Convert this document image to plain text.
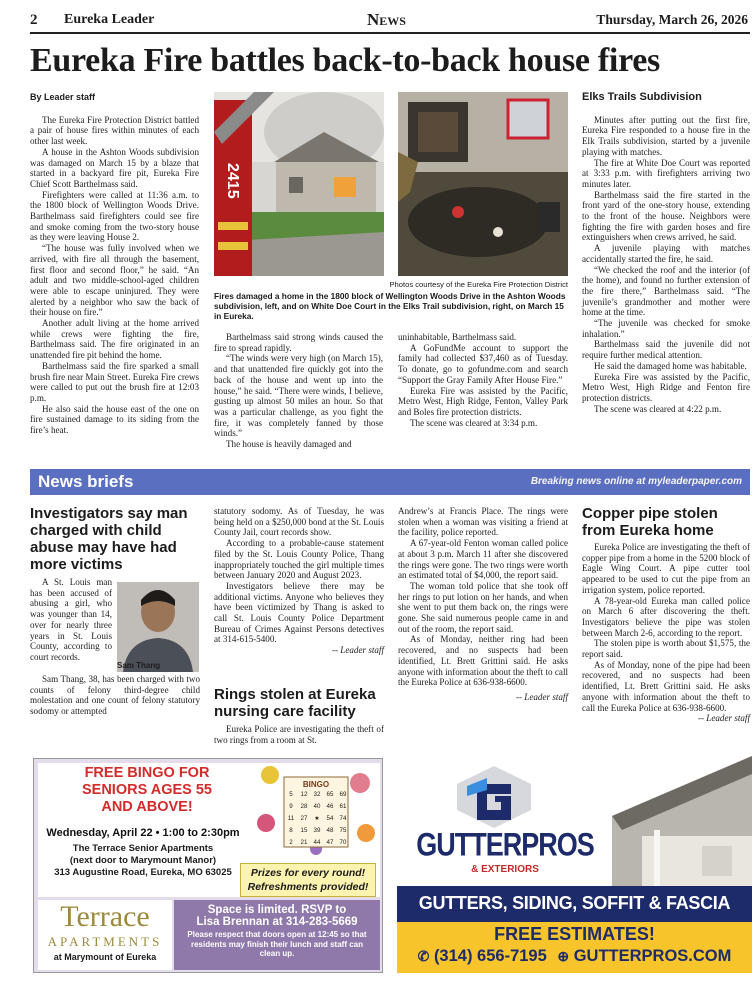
2 Eureka Leader	News	Thursday, March 26, 2026
Eureka Fire battles back-to-back house fires
By Leader staff

The Eureka Fire Protection District battled a pair of house fires within minutes of each other last week.

A house in the Ashton Woods subdivision was damaged on March 15 by a blaze that started in a backyard fire pit, Eureka Fire Chief Scott Barthelmass said.

Firefighters were called at 11:36 a.m. to the 1800 block of Wellington Woods Drive. Barthelmass said firefighters could see fire and smoke coming from the two-story house as they were leaving House 2.

“The house was fully involved when we arrived, with fire all through the basement, first floor and second floor,” he said. “An adult and two middle-school-aged children were able to escape uninjured. They were alerted by a neighbor who saw the back of their house on fire.”

Another adult living at the home arrived while crews were fighting the fire, Barthelmass said. The fire originated in an unattended fire pit behind the home.

Barthelmass said the fire sparked a small brush fire near Main Street. Eureka Fire crews were called to put out the brush fire at 12:03 p.m.

He also said the house east of the one on fire sustained damage to its siding from the fire’s heat.

2415
Photos courtesy of the Eureka Fire Protection District
Fires damaged a home in the 1800 block of Wellington Woods Drive in the Ashton Woods subdivision, left, and on White Doe Court in the Elks Trail subdivision, right, on March 15 in Eureka.

Barthelmass said strong winds caused the fire to spread rapidly.

“The winds were very high (on March 15), and that unattended fire quickly got into the back of the house and went up into the house,” he said. “There were winds, I believe, gusting up almost 50 miles an hour. So that was a particular challenge, as you fight the fire, it was completely fanned by those winds.”

The house is heavily damaged and

uninhabitable, Barthelmass said.

A GoFundMe account to support the family had collected $37,460 as of Tuesday. To donate, go to gofundme.com and search “Support the Gray Family After House Fire.”

Eureka Fire was assisted by the Pacific, Metro West, High Ridge, Fenton, Valley Park and Boles fire protection districts.

The scene was cleared at 3:34 p.m.

Elks Trails Subdivision

Minutes after putting out the first fire, Eureka Fire responded to a house fire in the Elk Trails subdivision, started by a juvenile playing with matches.

The fire at White Doe Court was reported at 3:33 p.m. with firefighters arriving two minutes later.

Barthelmass said the fire started in the front yard of the one-story house, extending to the front of the house. Neighbors were fighting the fire with garden hoses and fire extinguishers when crews arrived, he said.

A juvenile playing with matches accidentally started the fire, he said.

“We checked the roof and the interior (of the home), and found no further extension of the fire there,” Barthelmass said. “The juvenile’s grandmother and mother were home at the time.

“The juvenile was checked for smoke inhalation.”

Barthelmass said the juvenile did not require further medical attention.

He said the damaged home was habitable.

Eureka Fire was assisted by the Pacific, Metro West, High Ridge and Fenton fire protection districts.

The scene was cleared at 4:22 p.m.

News briefs	Breaking news online at myleaderpaper.com
Investigators say man charged with child abuse may have had more victims
A St. Louis man has been accused of abusing a girl, who was younger than 14, over for nearly three years in St. Louis County, according to court records.
Sam Thang
Sam Thang, 38, has been charged with two counts of felony third-degree child molestation and one count of felony statutory sodomy or attempted

statutory sodomy. As of Tuesday, he was being held on a $250,000 bond at the St. Louis County Jail, court records show.

According to a probable-cause statement filed by the St. Louis County Police, Thang inappropriately touched the girl multiple times between January 2020 and August 2023.

Investigators believe there may be additional victims. Anyone who believes they have been victimized by Thang is asked to call St. Louis County Police Department Bureau of Crimes Against Persons detectives at 314-615-5400.

-- Leader staff
Rings stolen at Eureka nursing care facility
Eureka Police are investigating the theft of two rings from a room at St.

Andrew’s at Francis Place. The rings were stolen when a woman was visiting a friend at the facility, police reported.

A 67-year-old Fenton woman called police at about 3 p.m. March 11 after she discovered the rings were gone. The two rings were worth an estimated total of $4,000, the report said.

The woman told police that she took off her rings to put lotion on her hands, and when she went to put them back on, the rings were gone. She said numerous people came in and out of the room, the report said.

As of Monday, neither ring had been recovered, and no suspects had been identified, Lt. Brett Grittini said. He asks anyone with information about the theft to call the Eureka Police at 636-938-6600.

-- Leader staff
Copper pipe stolen from Eureka home

Eureka Police are investigating the theft of copper pipe from a home in the 5200 block of Eagle Wing Court. A pipe cutter tool appeared to be used to cut the pipe from an irrigation system, police reported.

A 78-year-old Eureka man called police on March 6 after discovering the theft. Investigators believe the pipe was stolen between March 2-6, according to the report.

The stolen pipe is worth about $1,575, the report said.

As of Monday, none of the pipe had been recovered, and no suspects had been identified, Lt. Brett Grittini said. He asks anyone with information about the theft to call the Eureka Police at 636-938-6600.

-- Leader staff
FREE BINGO FOR
SENIORS AGES 55
AND ABOVE!
Wednesday, April 22 • 1:00 to 2:30pm
The Terrace Senior Apartments
(next door to Marymount Manor)
313 Augustine Road, Eureka, MO 63025
BINGO
5	12 32 65 69
9	28 40 46 61
11	27	★	54 74
8	15 39 48 75
2	21 44 47 70
Prizes for every round!
Refreshments provided!
Terrace
APARTMENTS
at Marymount of Eureka
Space is limited. RSVP to
Lisa Brennan at 314-283-5669
Please respect that doors open at 12:45 so that residents may finish their lunch and staff can clean up.
GUTTERPROS
& EXTERIORS
GUTTERS, SIDING, SOFFIT & FASCIA
FREE ESTIMATES!
✆ (314) 656-7195 ⊕ GUTTERPROS.COM
